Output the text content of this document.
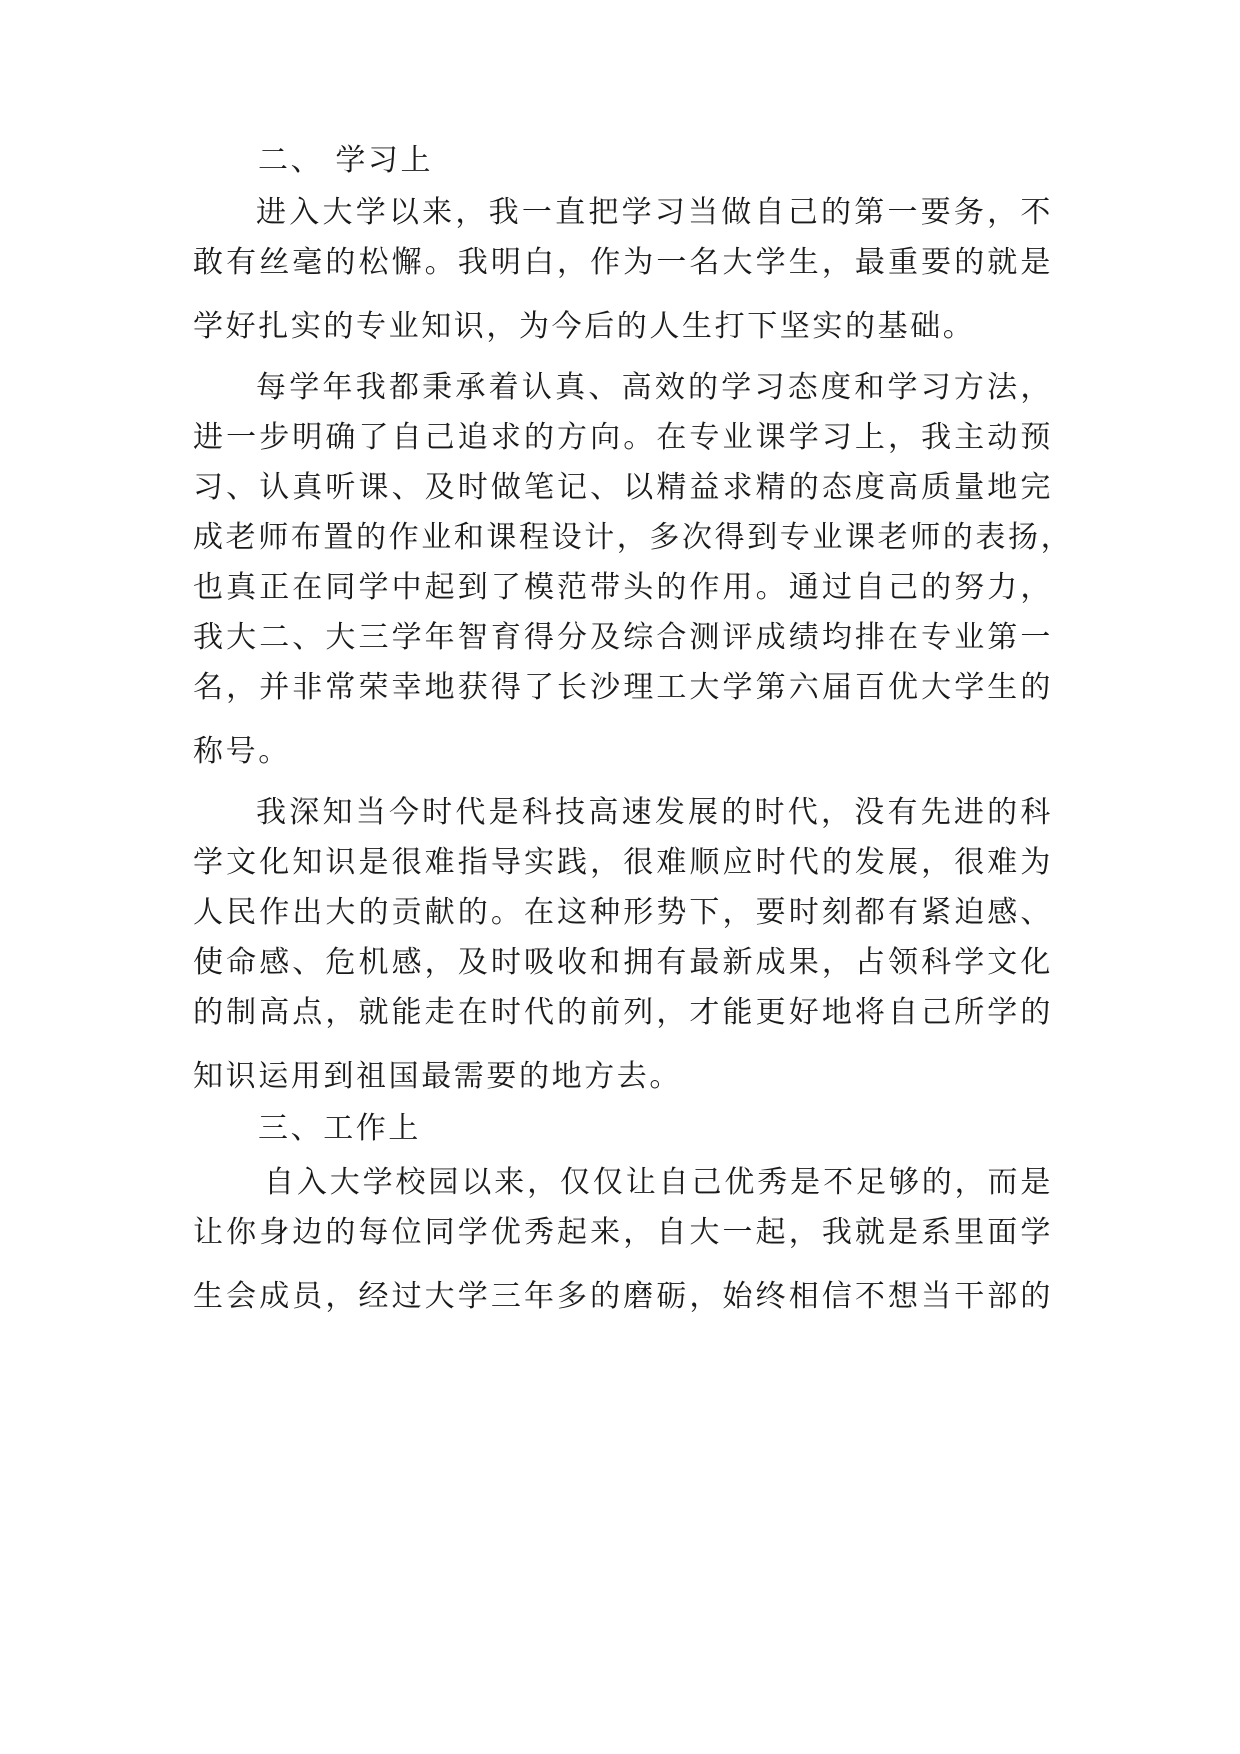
二、 学习上
进入大学以来，我一直把学习当做自己的第一要务，不
敢有丝毫的松懈。我明白，作为一名大学生，最重要的就是
学好扎实的专业知识，为今后的人生打下坚实的基础。
每学年我都秉承着认真、高效的学习态度和学习方法，
进一步明确了自己追求的方向。在专业课学习上，我主动预
习、认真听课、及时做笔记、以精益求精的态度高质量地完
成老师布置的作业和课程设计，多次得到专业课老师的表扬，
也真正在同学中起到了模范带头的作用。通过自己的努力，
我大二、大三学年智育得分及综合测评成绩均排在专业第一
名，并非常荣幸地获得了长沙理工大学第六届百优大学生的
称号。
我深知当今时代是科技高速发展的时代，没有先进的科
学文化知识是很难指导实践，很难顺应时代的发展，很难为
人民作出大的贡献的。在这种形势下，要时刻都有紧迫感、
使命感、危机感，及时吸收和拥有最新成果，占领科学文化
的制高点，就能走在时代的前列，才能更好地将自己所学的
知识运用到祖国最需要的地方去。
三、工作上
自入大学校园以来，仅仅让自己优秀是不足够的，而是
让你身边的每位同学优秀起来，自大一起，我就是系里面学
生会成员，经过大学三年多的磨砺，始终相信不想当干部的
